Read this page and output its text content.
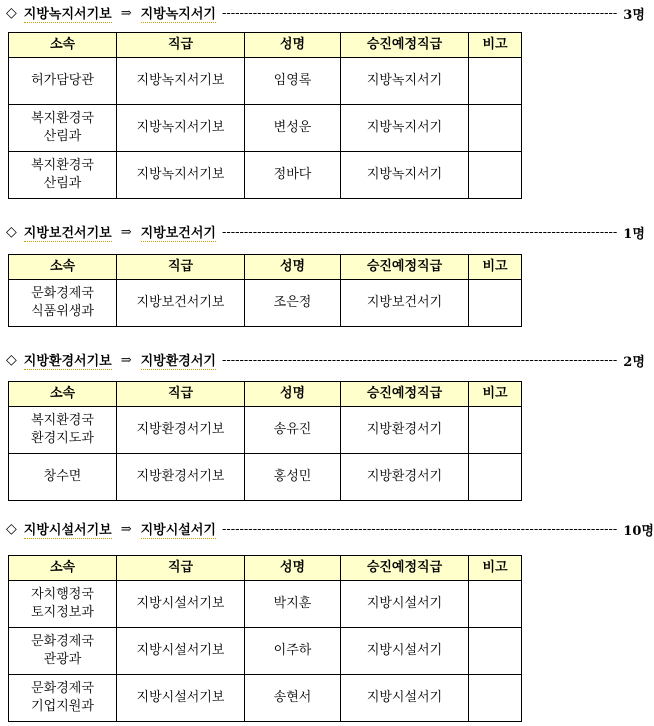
◇ 지방녹지서기보 ⇒ 지방녹지서기 ------------------------------------------------------------------------------------------ 3명
소속	직급	성명	승진예정직급	비고
허가담당관	지방녹지서기보	임영록	지방녹지서기	
복지환경국
산림과	지방녹지서기보	변성운	지방녹지서기	
복지환경국
산림과	지방녹지서기보	정바다	지방녹지서기	
◇ 지방보건서기보 ⇒ 지방보건서기 ------------------------------------------------------------------------------------------ 1명
소속	직급	성명	승진예정직급	비고
문화경제국
식품위생과	지방보건서기보	조은정	지방보건서기	
◇ 지방환경서기보 ⇒ 지방환경서기 ------------------------------------------------------------------------------------------ 2명
소속	직급	성명	승진예정직급	비고
복지환경국
환경지도과	지방환경서기보	송유진	지방환경서기	
창수면	지방환경서기보	홍성민	지방환경서기	
◇ 지방시설서기보 ⇒ 지방시설서기 ------------------------------------------------------------------------------------------ 10명
소속	직급	성명	승진예정직급	비고
자치행정국
토지정보과	지방시설서기보	박지훈	지방시설서기	
문화경제국
관광과	지방시설서기보	이주하	지방시설서기	
문화경제국
기업지원과	지방시설서기보	송현서	지방시설서기	
